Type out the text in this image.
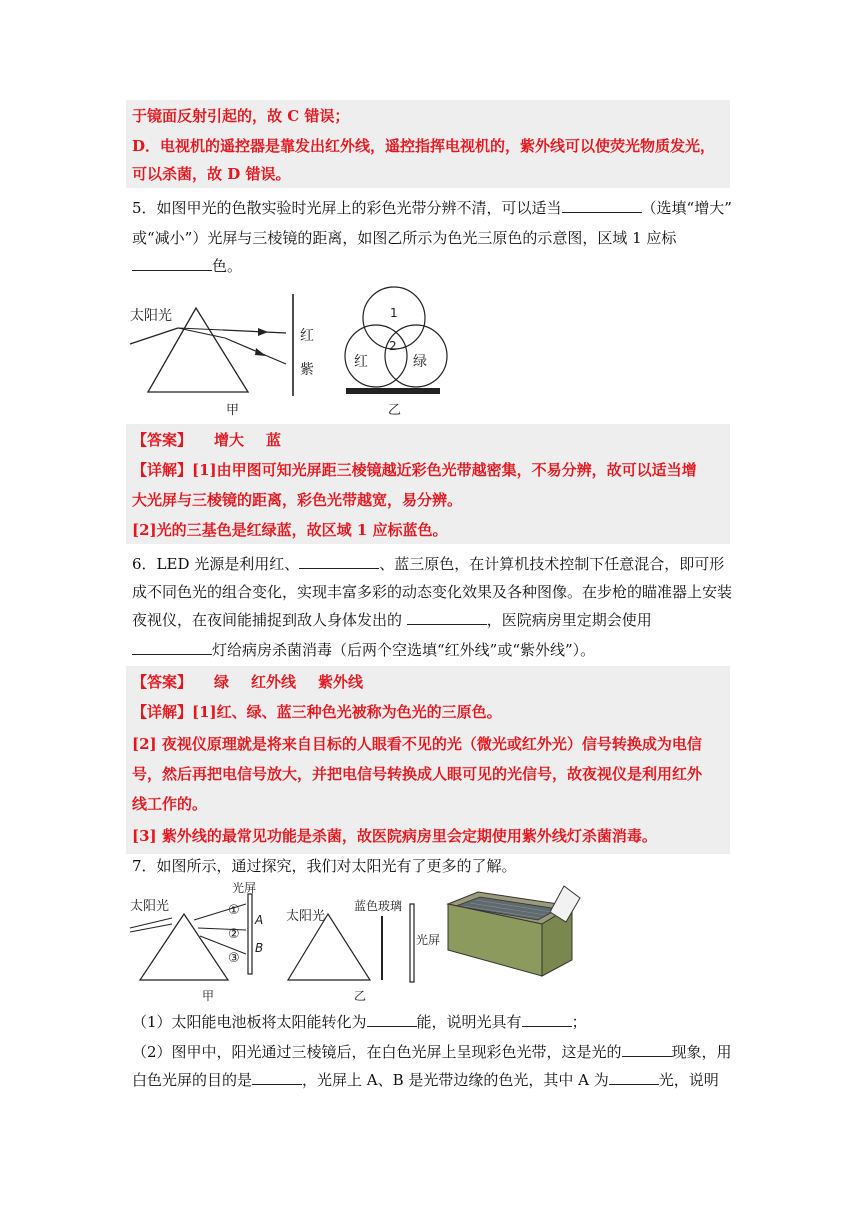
于镜面反射引起的，故 C 错误；
D．电视机的遥控器是靠发出红外线，遥控指挥电视机的，紫外线可以使荧光物质发光，
可以杀菌，故 D 错误。
5．如图甲光的色散实验时光屏上的彩色光带分辨不清，可以适当	（选填“增大”
或“减小”）光屏与三棱镜的距离，如图乙所示为色光三原色的示意图，区域 1 应标
色。
太阳光
红
紫
甲
1
2
红	绿
乙
【答案】 增大 蓝
【详解】[1]由甲图可知光屏距三棱镜越近彩色光带越密集，不易分辨，故可以适当增
大光屏与三棱镜的距离，彩色光带越宽，易分辨。
[2]光的三基色是红绿蓝，故区域 1 应标蓝色。
6．LED 光源是利用红、	、蓝三原色，在计算机技术控制下任意混合，即可形
成不同色光的组合变化，实现丰富多彩的动态变化效果及各种图像。在步枪的瞄准器上安装
夜视仪，在夜间能捕捉到敌人身体发出的	，医院病房里定期会使用
灯给病房杀菌消毒（后两个空选填“红外线”或“紫外线”）。
【答案】 绿 红外线 紫外线
【详解】[1]红、绿、蓝三种色光被称为色光的三原色。
[2] 夜视仪原理就是将来自目标的人眼看不见的光（微光或红外光）信号转换成为电信
号，然后再把电信号放大，并把电信号转换成人眼可见的光信号，故夜视仪是利用红外
线工作的。
[3] 紫外线的最常见功能是杀菌，故医院病房里会定期使用紫外线灯杀菌消毒。
7．如图所示，通过探究，我们对太阳光有了更多的了解。
光屏
太阳光	①
②
③
A
B
甲
太阳光
蓝色玻璃
光屏
乙
（1）太阳能电池板将太阳能转化为	能，说明光具有	；
（2）图甲中，阳光通过三棱镜后，在白色光屏上呈现彩色光带，这是光的	现象，用
白色光屏的目的是	，光屏上 A、B 是光带边缘的色光，其中 A 为	光，说明
